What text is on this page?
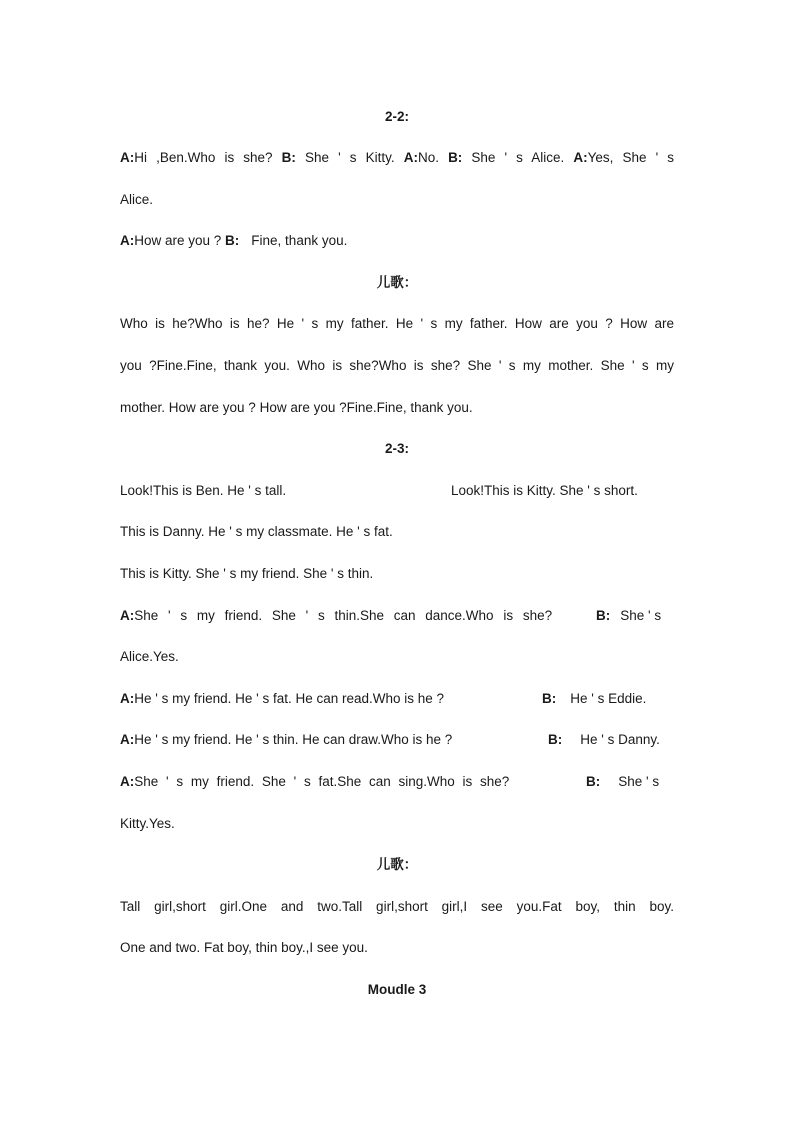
2-2:
A:Hi ,Ben.Who is she? B: She ' s Kitty. A:No. B: She ' s Alice. A:Yes, She ' s
Alice.
A:How are you ? B: Fine, thank you.
儿歌：
Who is he?Who is he? He ' s my father. He ' s my father. How are you ? How are
you ?Fine.Fine, thank you. Who is she?Who is she? She ' s my mother. She ' s my
mother. How are you ? How are you ?Fine.Fine, thank you.
2-3:
Look!This is Ben. He ' s tall.	Look!This is Kitty. She ' s short.
This is Danny. He ' s my classmate. He ' s fat.
This is Kitty. She ' s my friend. She ' s thin.
A:She ' s my friend. She ' s thin.She can dance.Who is she?	B: She ' s
Alice.Yes.
A:He ' s my friend. He ' s fat. He can read.Who is he ?	B: He ' s Eddie.
A:He ' s my friend. He ' s thin. He can draw.Who is he ?	B: He ' s Danny.
A:She ' s my friend. She ' s fat.She can sing.Who is she?	B: She ' s
Kitty.Yes.
儿歌：
Tall girl,short girl.One and two.Tall girl,short girl,I see you.Fat boy, thin boy.
One and two. Fat boy, thin boy.,I see you.
Moudle 3
